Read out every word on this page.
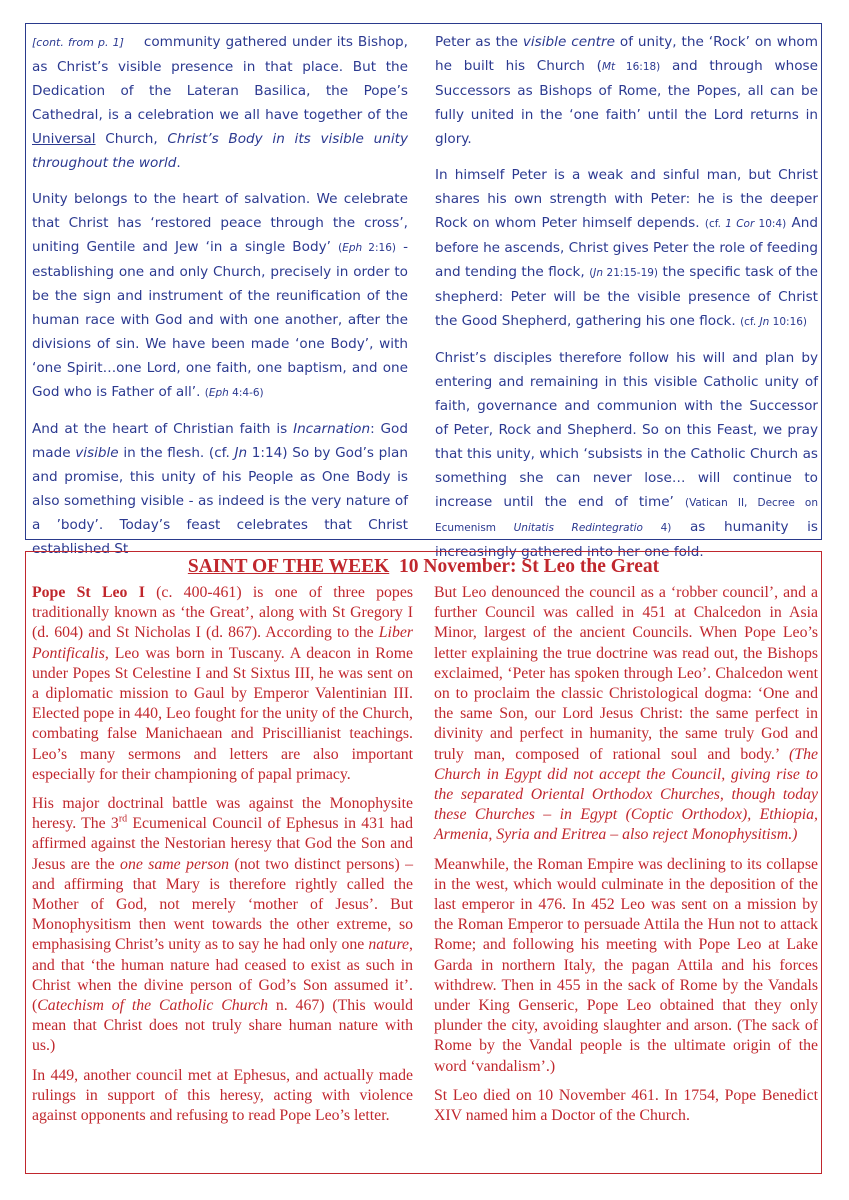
[cont. from p. 1] community gathered under its Bishop, as Christ’s visible presence in that place. But the Dedication of the Lateran Basilica, the Pope’s Cathedral, is a celebration we all have together of the Universal Church, Christ’s Body in its visible unity throughout the world.

Unity belongs to the heart of salvation. We celebrate that Christ has ‘restored peace through the cross’, uniting Gentile and Jew ‘in a single Body’ (Eph 2:16) - establishing one and only Church, precisely in order to be the sign and instrument of the reunification of the human race with God and with one another, after the divisions of sin. We have been made ‘one Body’, with ‘one Spirit…one Lord, one faith, one baptism, and one God who is Father of all’. (Eph 4:4-6)

And at the heart of Christian faith is Incarnation: God made visible in the flesh. (cf. Jn 1:14) So by God’s plan and promise, this unity of his People as One Body is also something visible - as indeed is the very nature of a ’body’. Today’s feast celebrates that Christ established St

Peter as the visible centre of unity, the ‘Rock’ on whom he built his Church (Mt 16:18) and through whose Successors as Bishops of Rome, the Popes, all can be fully united in the ‘one faith’ until the Lord returns in glory.

In himself Peter is a weak and sinful man, but Christ shares his own strength with Peter: he is the deeper Rock on whom Peter himself depends. (cf. 1 Cor 10:4) And before he ascends, Christ gives Peter the role of feeding and tending the flock, (Jn 21:15-19) the specific task of the shepherd: Peter will be the visible presence of Christ the Good Shepherd, gathering his one flock. (cf. Jn 10:16)

Christ’s disciples therefore follow his will and plan by entering and remaining in this visible Catholic unity of faith, governance and communion with the Successor of Peter, Rock and Shepherd. So on this Feast, we pray that this unity, which ‘subsists in the Catholic Church as something she can never lose… will continue to increase until the end of time’ (Vatican II, Decree on Ecumenism Unitatis Redintegratio 4) as humanity is increasingly gathered into her one fold.

SAINT OF THE WEEK 10 November: St Leo the Great

Pope St Leo I (c. 400-461) is one of three popes traditionally known as ‘the Great’, along with St Gregory I (d. 604) and St Nicholas I (d. 867). According to the Liber Pontificalis, Leo was born in Tuscany. A deacon in Rome under Popes St Celestine I and St Sixtus III, he was sent on a diplomatic mission to Gaul by Emperor Valentinian III. Elected pope in 440, Leo fought for the unity of the Church, combating false Manichaean and Priscillianist teachings. Leo’s many sermons and letters are also important especially for their championing of papal primacy.

His major doctrinal battle was against the Monophysite heresy. The 3rd Ecumenical Council of Ephesus in 431 had affirmed against the Nestorian heresy that God the Son and Jesus are the one same person (not two distinct persons) – and affirming that Mary is therefore rightly called the Mother of God, not merely ‘mother of Jesus’. But Monophysitism then went towards the other extreme, so emphasising Christ’s unity as to say he had only one nature, and that ‘the human nature had ceased to exist as such in Christ when the divine person of God’s Son assumed it’. (Catechism of the Catholic Church n. 467) (This would mean that Christ does not truly share human nature with us.)

In 449, another council met at Ephesus, and actually made rulings in support of this heresy, acting with violence against opponents and refusing to read Pope Leo’s letter.

But Leo denounced the council as a ‘robber council’, and a further Council was called in 451 at Chalcedon in Asia Minor, largest of the ancient Councils. When Pope Leo’s letter explaining the true doctrine was read out, the Bishops exclaimed, ‘Peter has spoken through Leo’. Chalcedon went on to proclaim the classic Christological dogma: ‘One and the same Son, our Lord Jesus Christ: the same perfect in divinity and perfect in humanity, the same truly God and truly man, composed of rational soul and body.’ (The Church in Egypt did not accept the Council, giving rise to the separated Oriental Orthodox Churches, though today these Churches – in Egypt (Coptic Orthodox), Ethiopia, Armenia, Syria and Eritrea – also reject Monophysitism.)

Meanwhile, the Roman Empire was declining to its collapse in the west, which would culminate in the deposition of the last emperor in 476. In 452 Leo was sent on a mission by the Roman Emperor to persuade Attila the Hun not to attack Rome; and following his meeting with Pope Leo at Lake Garda in northern Italy, the pagan Attila and his forces withdrew. Then in 455 in the sack of Rome by the Vandals under King Genseric, Pope Leo obtained that they only plunder the city, avoiding slaughter and arson. (The sack of Rome by the Vandal people is the ultimate origin of the word ‘vandalism’.)

St Leo died on 10 November 461. In 1754, Pope Benedict XIV named him a Doctor of the Church.
